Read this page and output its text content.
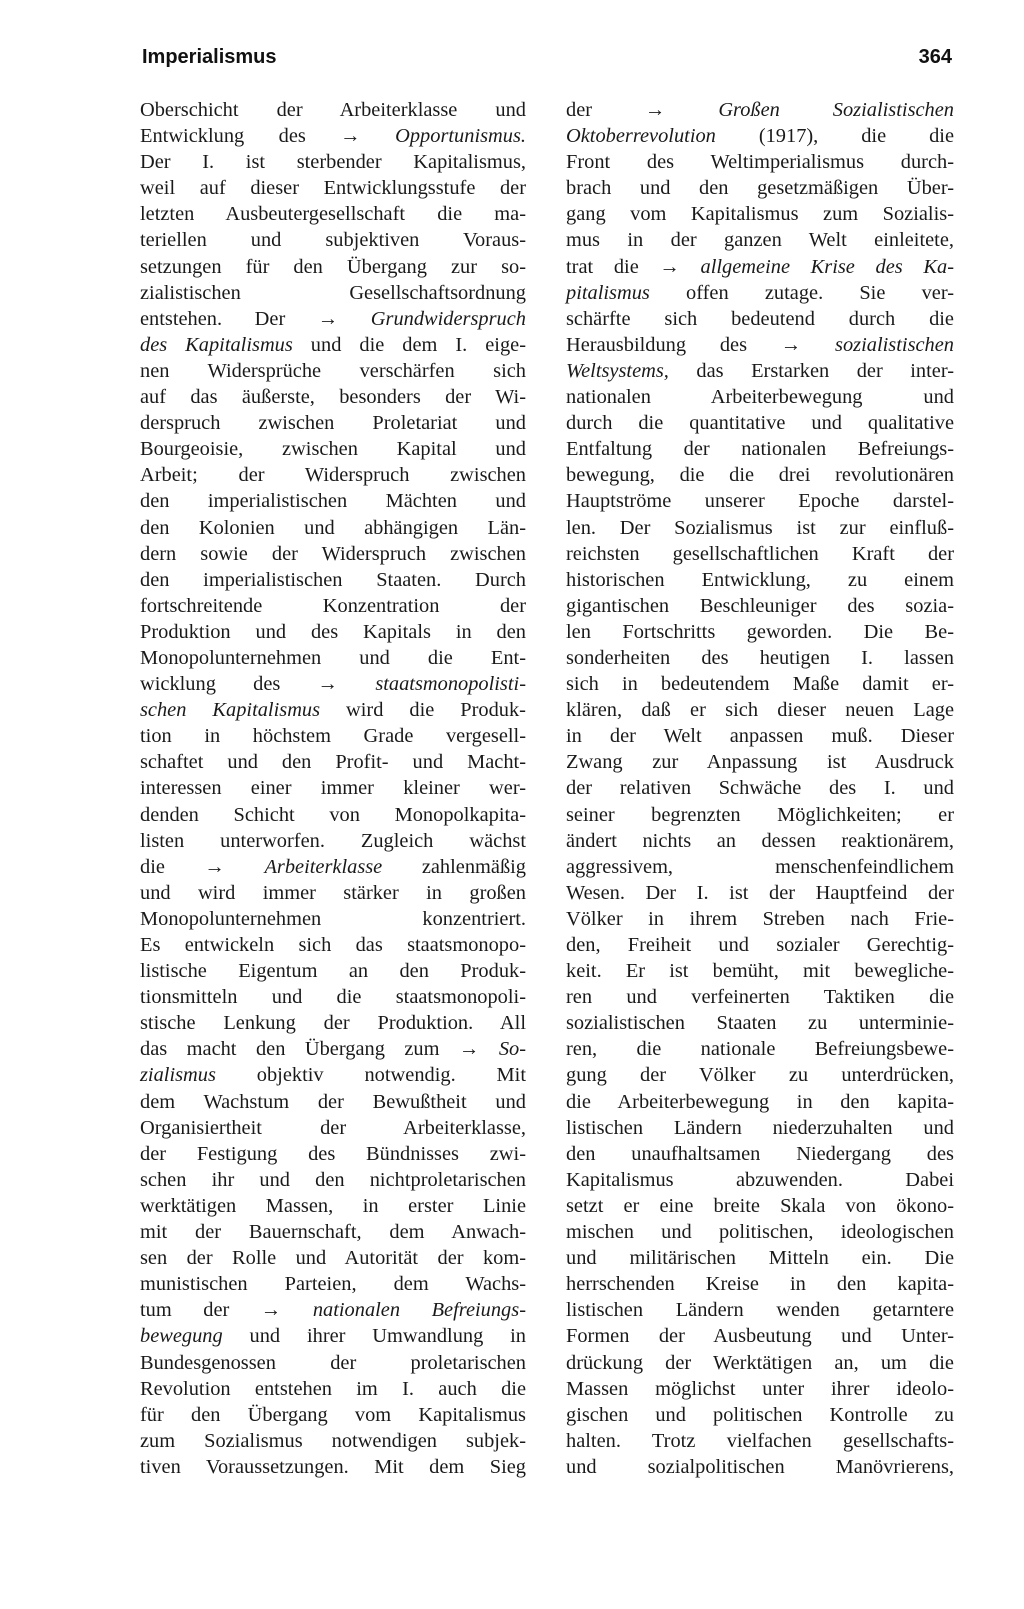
Imperialismus	364
Oberschicht der Arbeiterklasse und
Entwicklung des → Opportunismus.
Der I. ist sterbender Kapitalismus,
weil auf dieser Entwicklungsstufe der
letzten Ausbeutergesellschaft die ma-
teriellen und subjektiven Voraus-
setzungen für den Übergang zur so-
zialistischen Gesellschaftsordnung
entstehen. Der → Grundwiderspruch
des Kapitalismus und die dem I. eige-
nen Widersprüche verschärfen sich
auf das äußerste, besonders der Wi-
derspruch zwischen Proletariat und
Bourgeoisie, zwischen Kapital und
Arbeit; der Widerspruch zwischen
den imperialistischen Mächten und
den Kolonien und abhängigen Län-
dern sowie der Widerspruch zwischen
den imperialistischen Staaten. Durch
fortschreitende Konzentration der
Produktion und des Kapitals in den
Monopolunternehmen und die Ent-
wicklung des → staatsmonopolisti-
schen Kapitalismus wird die Produk-
tion in höchstem Grade vergesell-
schaftet und den Profit- und Macht-
interessen einer immer kleiner wer-
denden Schicht von Monopolkapita-
listen unterworfen. Zugleich wächst
die → Arbeiterklasse zahlenmäßig
und wird immer stärker in großen
Monopolunternehmen konzentriert.
Es entwickeln sich das staatsmonopo-
listische Eigentum an den Produk-
tionsmitteln und die staatsmonopoli-
stische Lenkung der Produktion. All
das macht den Übergang zum → So-
zialismus objektiv notwendig. Mit
dem Wachstum der Bewußtheit und
Organisiertheit der Arbeiterklasse,
der Festigung des Bündnisses zwi-
schen ihr und den nichtproletarischen
werktätigen Massen, in erster Linie
mit der Bauernschaft, dem Anwach-
sen der Rolle und Autorität der kom-
munistischen Parteien, dem Wachs-
tum der → nationalen Befreiungs-
bewegung und ihrer Umwandlung in
Bundesgenossen der proletarischen
Revolution entstehen im I. auch die
für den Übergang vom Kapitalismus
zum Sozialismus notwendigen subjek-
tiven Voraussetzungen. Mit dem Sieg
der → Großen Sozialistischen
Oktoberrevolution (1917), die die
Front des Weltimperialismus durch-
brach und den gesetzmäßigen Über-
gang vom Kapitalismus zum Sozialis-
mus in der ganzen Welt einleitete,
trat die → allgemeine Krise des Ka-
pitalismus offen zutage. Sie ver-
schärfte sich bedeutend durch die
Herausbildung des → sozialistischen
Weltsystems, das Erstarken der inter-
nationalen Arbeiterbewegung und
durch die quantitative und qualitative
Entfaltung der nationalen Befreiungs-
bewegung, die die drei revolutionären
Hauptströme unserer Epoche darstel-
len. Der Sozialismus ist zur einfluß-
reichsten gesellschaftlichen Kraft der
historischen Entwicklung, zu einem
gigantischen Beschleuniger des sozia-
len Fortschritts geworden. Die Be-
sonderheiten des heutigen I. lassen
sich in bedeutendem Maße damit er-
klären, daß er sich dieser neuen Lage
in der Welt anpassen muß. Dieser
Zwang zur Anpassung ist Ausdruck
der relativen Schwäche des I. und
seiner begrenzten Möglichkeiten; er
ändert nichts an dessen reaktionärem,
aggressivem, menschenfeindlichem
Wesen. Der I. ist der Hauptfeind der
Völker in ihrem Streben nach Frie-
den, Freiheit und sozialer Gerechtig-
keit. Er ist bemüht, mit bewegliche-
ren und verfeinerten Taktiken die
sozialistischen Staaten zu unterminie-
ren, die nationale Befreiungsbewe-
gung der Völker zu unterdrücken,
die Arbeiterbewegung in den kapita-
listischen Ländern niederzuhalten und
den unaufhaltsamen Niedergang des
Kapitalismus abzuwenden. Dabei
setzt er eine breite Skala von ökono-
mischen und politischen, ideologischen
und militärischen Mitteln ein. Die
herrschenden Kreise in den kapita-
listischen Ländern wenden getarntere
Formen der Ausbeutung und Unter-
drückung der Werktätigen an, um die
Massen möglichst unter ihrer ideolo-
gischen und politischen Kontrolle zu
halten. Trotz vielfachen gesellschafts-
und sozialpolitischen Manövrierens,
